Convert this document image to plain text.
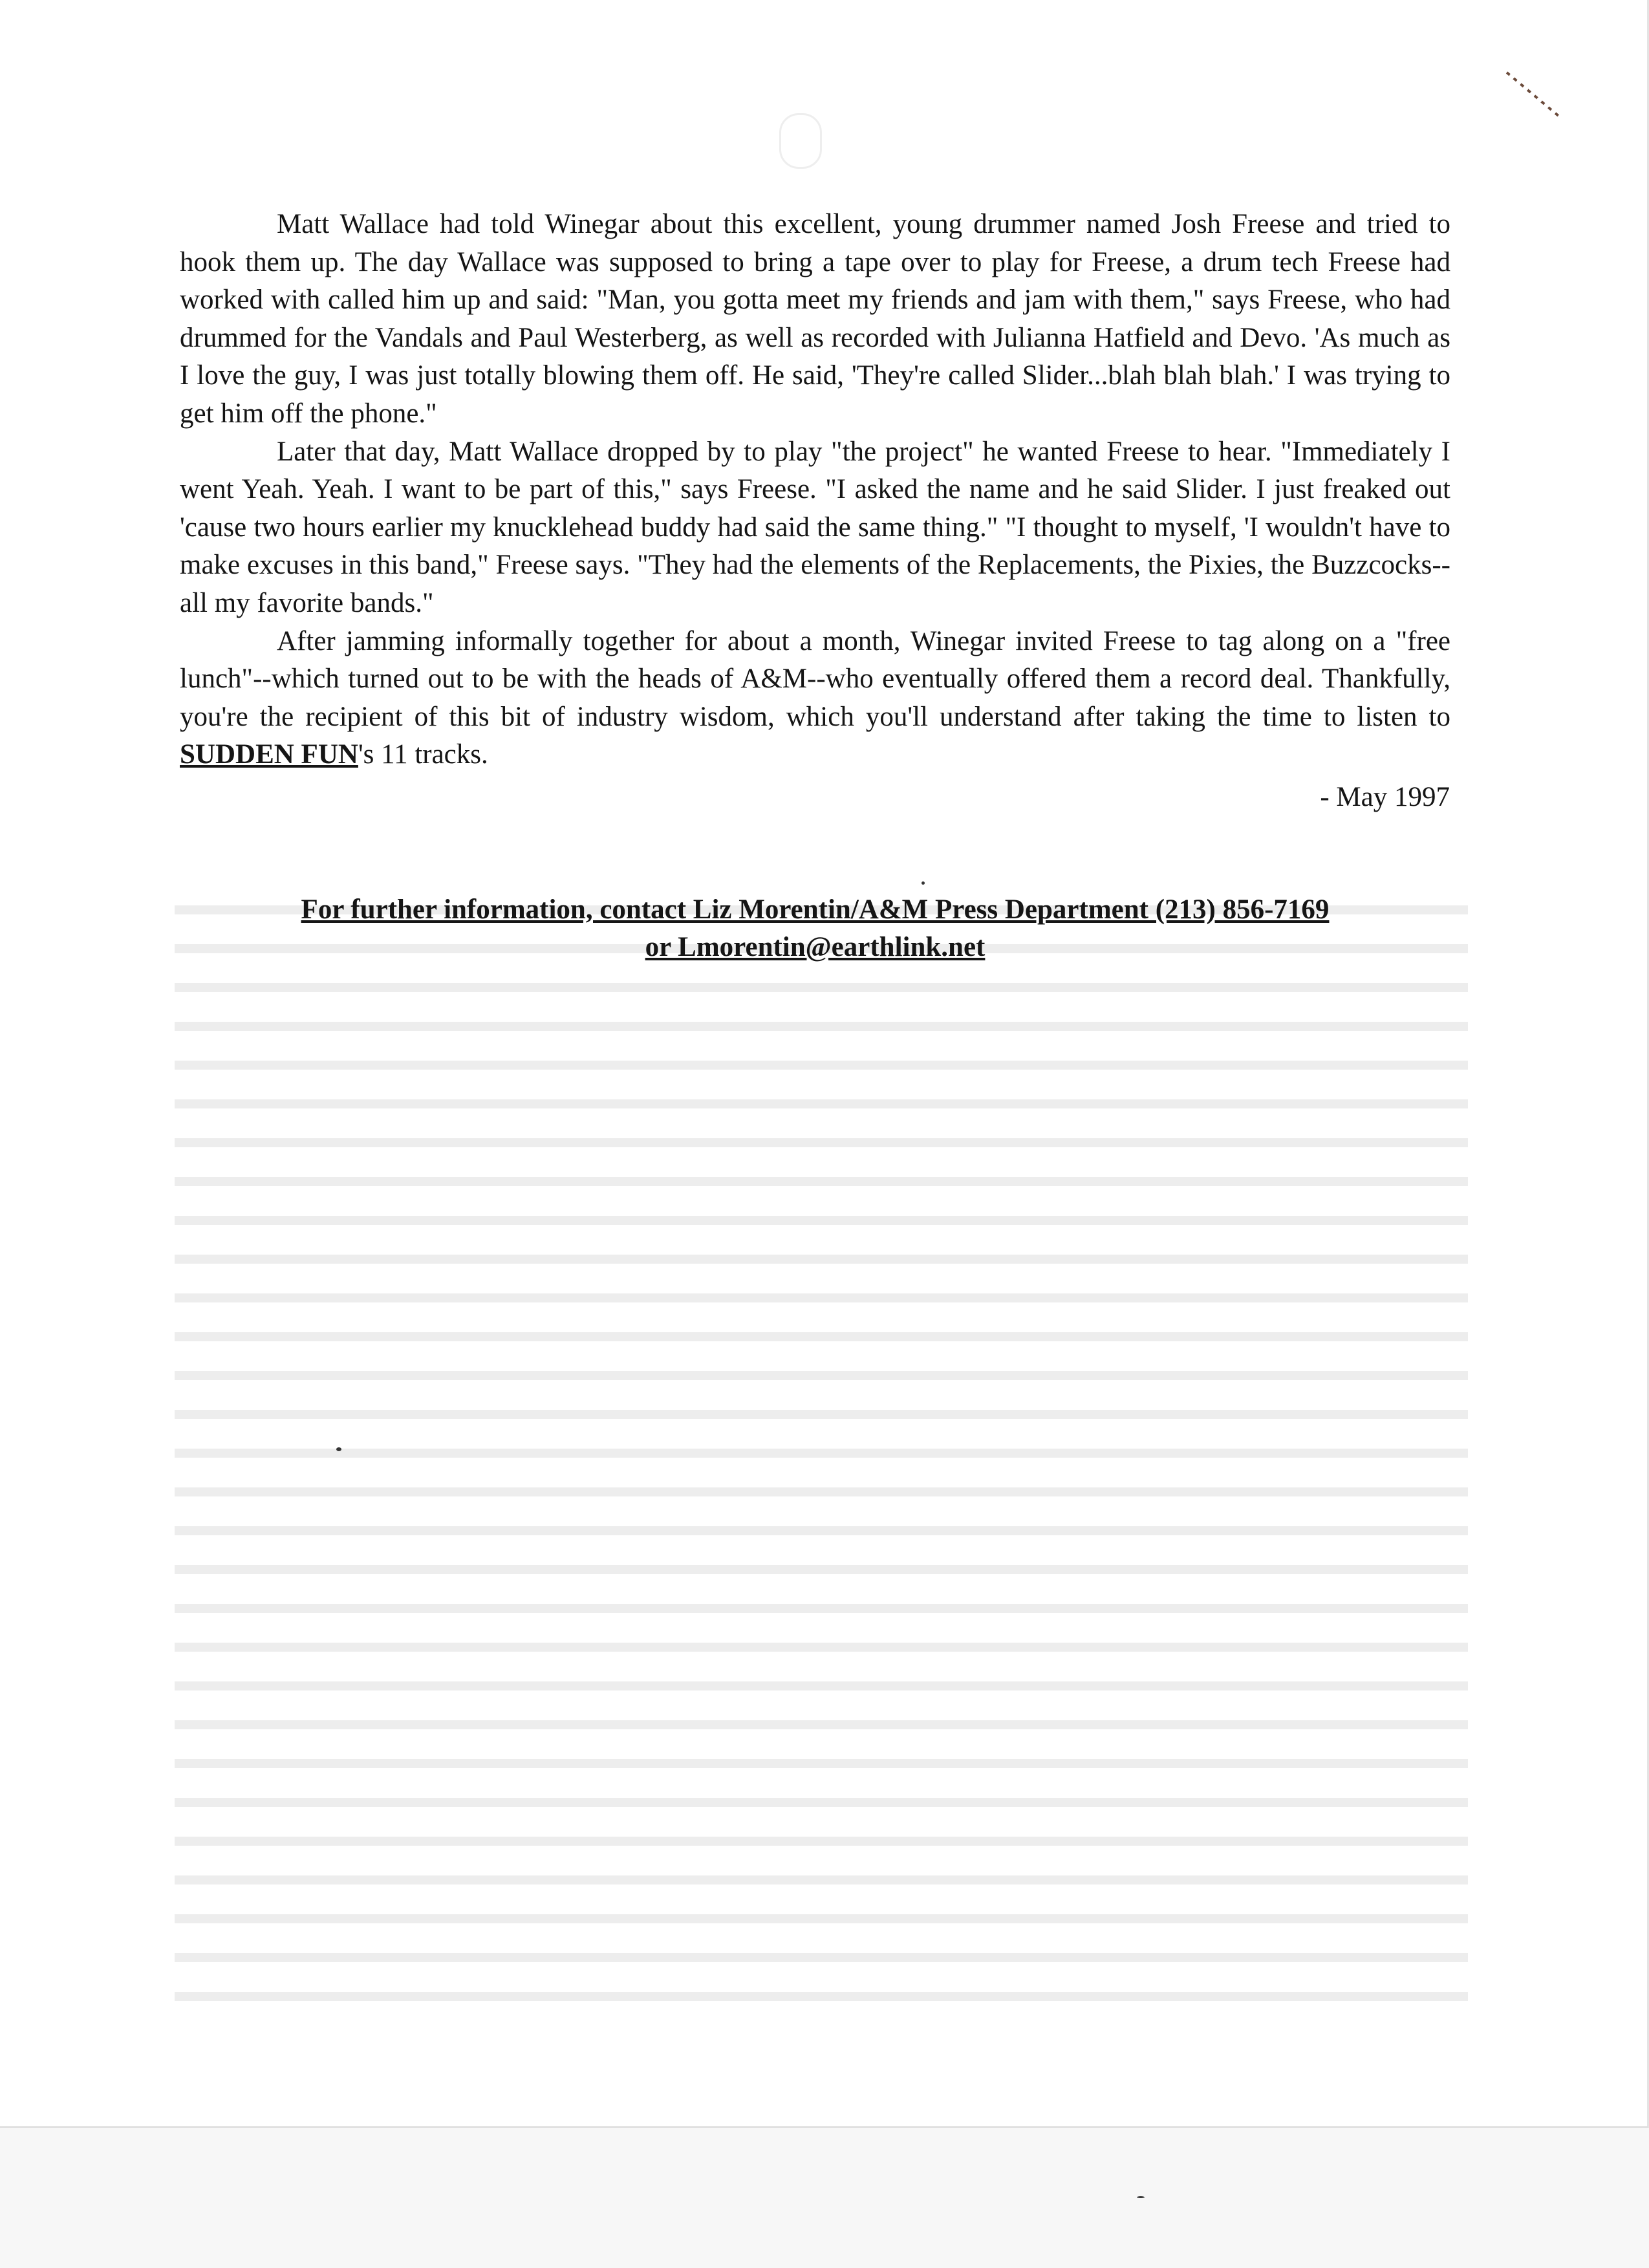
Matt Wallace had told Winegar about this excellent, young drummer named Josh Freese and tried to hook them up. The day Wallace was supposed to bring a tape over to play for Freese, a drum tech Freese had worked with called him up and said: "Man, you gotta meet my friends and jam with them," says Freese, who had drummed for the Vandals and Paul Westerberg, as well as recorded with Julianna Hatfield and Devo. 'As much as I love the guy, I was just totally blowing them off. He said, 'They're called Slider...blah blah blah.' I was trying to get him off the phone."

Later that day, Matt Wallace dropped by to play "the project" he wanted Freese to hear. "Immediately I went Yeah. Yeah. I want to be part of this," says Freese. "I asked the name and he said Slider. I just freaked out 'cause two hours earlier my knucklehead buddy had said the same thing." "I thought to myself, 'I wouldn't have to make excuses in this band," Freese says. "They had the elements of the Replacements, the Pixies, the Buzzcocks--all my favorite bands."

After jamming informally together for about a month, Winegar invited Freese to tag along on a "free lunch"--which turned out to be with the heads of A&M--who eventually offered them a record deal. Thankfully, you're the recipient of this bit of industry wisdom, which you'll understand after taking the time to listen to SUDDEN FUN's 11 tracks.

- May 1997
For further information, contact Liz Morentin/A&M Press Department (213) 856-7169
or Lmorentin@earthlink.net
